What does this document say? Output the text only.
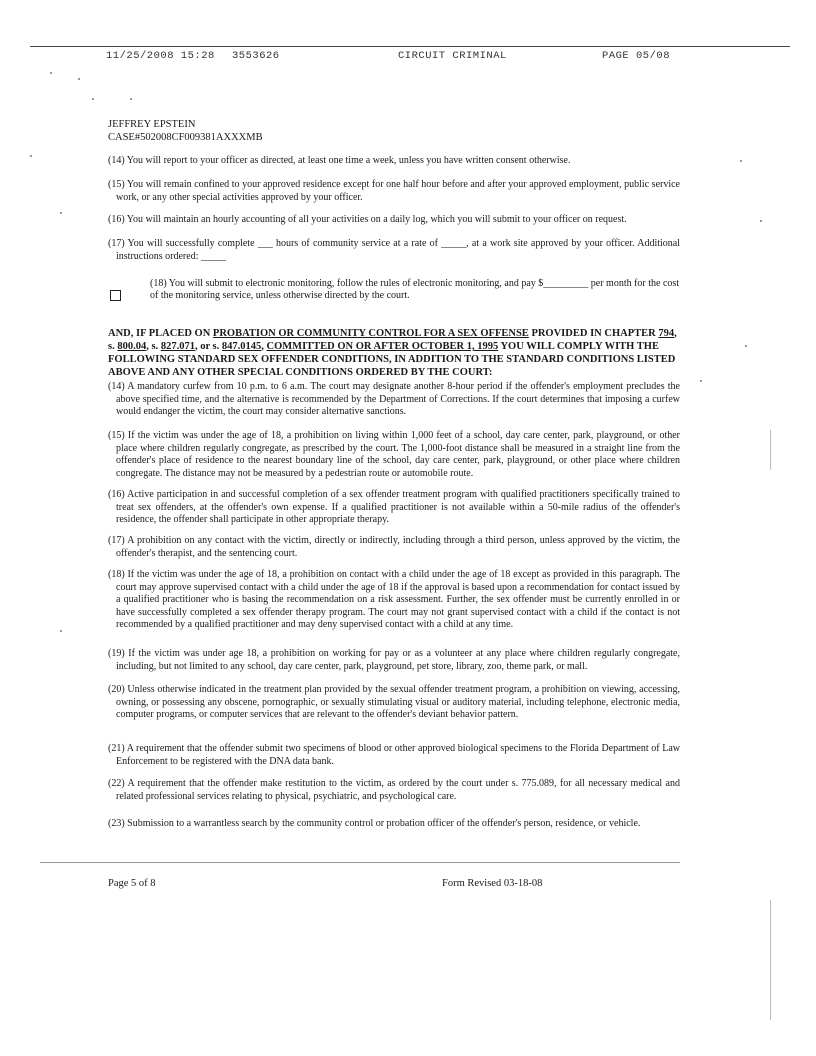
11/25/2008 15:28 3553626	CIRCUIT CRIMINAL	PAGE 05/08
JEFFREY EPSTEIN
CASE#502008CF009381AXXXMB
(14) You will report to your officer as directed, at least one time a week, unless you have written consent otherwise.
(15) You will remain confined to your approved residence except for one half hour before and after your approved employment, public service work, or any other special activities approved by your officer.
(16) You will maintain an hourly accounting of all your activities on a daily log, which you will submit to your officer on request.
(17) You will successfully complete ___ hours of community service at a rate of _____, at a work site approved by your officer. Additional instructions ordered: _____
(18) You will submit to electronic monitoring, follow the rules of electronic monitoring, and pay $_________ per month for the cost of the monitoring service, unless otherwise directed by the court.
AND, IF PLACED ON PROBATION OR COMMUNITY CONTROL FOR A SEX OFFENSE PROVIDED IN CHAPTER 794, s. 800.04, s. 827.071, or s. 847.0145, COMMITTED ON OR AFTER OCTOBER 1, 1995 YOU WILL COMPLY WITH THE FOLLOWING STANDARD SEX OFFENDER CONDITIONS, IN ADDITION TO THE STANDARD CONDITIONS LISTED ABOVE AND ANY OTHER SPECIAL CONDITIONS ORDERED BY THE COURT:
(14) A mandatory curfew from 10 p.m. to 6 a.m. The court may designate another 8-hour period if the offender's employment precludes the above specified time, and the alternative is recommended by the Department of Corrections. If the court determines that imposing a curfew would endanger the victim, the court may consider alternative sanctions.
(15) If the victim was under the age of 18, a prohibition on living within 1,000 feet of a school, day care center, park, playground, or other place where children regularly congregate, as prescribed by the court. The 1,000-foot distance shall be measured in a straight line from the offender's place of residence to the nearest boundary line of the school, day care center, park, playground, or other place where children congregate. The distance may not be measured by a pedestrian route or automobile route.
(16) Active participation in and successful completion of a sex offender treatment program with qualified practitioners specifically trained to treat sex offenders, at the offender's own expense. If a qualified practitioner is not available within a 50-mile radius of the offender's residence, the offender shall participate in other appropriate therapy.
(17) A prohibition on any contact with the victim, directly or indirectly, including through a third person, unless approved by the victim, the offender's therapist, and the sentencing court.
(18) If the victim was under the age of 18, a prohibition on contact with a child under the age of 18 except as provided in this paragraph. The court may approve supervised contact with a child under the age of 18 if the approval is based upon a recommendation for contact issued by a qualified practitioner who is basing the recommendation on a risk assessment. Further, the sex offender must be currently enrolled in or have successfully completed a sex offender therapy program. The court may not grant supervised contact with a child if the contact is not recommended by a qualified practitioner and may deny supervised contact with a child at any time.
(19) If the victim was under age 18, a prohibition on working for pay or as a volunteer at any place where children regularly congregate, including, but not limited to any school, day care center, park, playground, pet store, library, zoo, theme park, or mall.
(20) Unless otherwise indicated in the treatment plan provided by the sexual offender treatment program, a prohibition on viewing, accessing, owning, or possessing any obscene, pornographic, or sexually stimulating visual or auditory material, including telephone, electronic media, computer programs, or computer services that are relevant to the offender's deviant behavior pattern.
(21) A requirement that the offender submit two specimens of blood or other approved biological specimens to the Florida Department of Law Enforcement to be registered with the DNA data bank.
(22) A requirement that the offender make restitution to the victim, as ordered by the court under s. 775.089, for all necessary medical and related professional services relating to physical, psychiatric, and psychological care.
(23) Submission to a warrantless search by the community control or probation officer of the offender's person, residence, or vehicle.
Page 5 of 8	Form Revised 03-18-08
